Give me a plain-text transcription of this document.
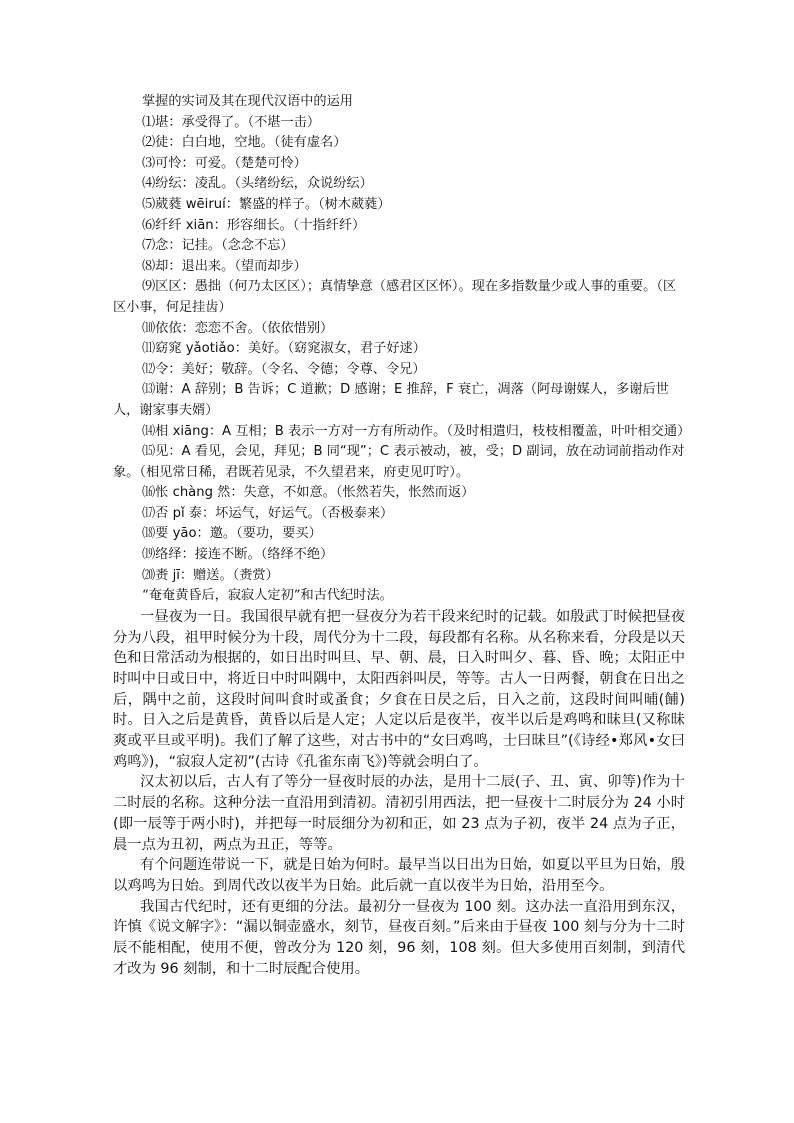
掌握的实词及其在现代汉语中的运用

⑴堪：承受得了。（不堪一击）

⑵徒：白白地，空地。（徒有虚名）

⑶可怜：可爱。（楚楚可怜）

⑷纷纭：凌乱。（头绪纷纭，众说纷纭）

⑸葳蕤 wēiruí：繁盛的样子。（树木葳蕤）

⑹纤纤 xiān：形容细长。（十指纤纤）

⑺念：记挂。（念念不忘）

⑻却：退出来。（望而却步）

⑼区区：愚拙（何乃太区区）；真情挚意（感君区区怀）。现在多指数量少或人事的重要。（区区小事，何足挂齿）

⑽依依：恋恋不舍。（依依惜别）

⑾窈窕 yǎotiǎo：美好。（窈窕淑女，君子好逑）

⑿令：美好；敬辞。（令名、令德；令尊、令兄）

⒀谢：A 辞别；B 告诉；C 道歉；D 感谢；E 推辞，F 衰亡，凋落（阿母谢媒人，多谢后世人，谢家事夫婿）

⒁相 xiāng：A 互相；B 表示一方对一方有所动作。（及时相遣归，枝枝相覆盖，叶叶相交通）

⒂见：A 看见，会见，拜见；B 同“现”；C 表示被动，被，受；D 副词，放在动词前指动作对象。（相见常日稀，君既若见录，不久望君来，府吏见叮咛）。

⒃怅 chàng 然：失意，不如意。（怅然若失，怅然而返）

⒄否 pǐ 泰：坏运气，好运气。（否极泰来）

⒅要 yāo：邀。（要功，要买）

⒆络绎：接连不断。（络绎不绝）

⒇赉 jī：赠送。（赉赏）

“奄奄黄昏后，寂寂人定初”和古代纪时法。

一昼夜为一日。我国很早就有把一昼夜分为若干段来纪时的记载。如殷武丁时候把昼夜分为八段，祖甲时候分为十段，周代分为十二段，每段都有名称。从名称来看，分段是以天色和日常活动为根据的，如日出时叫旦、早、朝、晨，日入时叫夕、暮、昏、晚；太阳正中时叫中日或日中，将近日中时叫隅中，太阳西斜叫昃，等等。古人一日两餐，朝食在日出之后，隅中之前，这段时间叫食时或蚤食；夕食在日昃之后，日入之前，这段时间叫晡(餔)时。日入之后是黄昏，黄昏以后是人定；人定以后是夜半，夜半以后是鸡鸣和昧旦(又称昧爽或平旦或平明)。我们了解了这些，对古书中的“女曰鸡鸣，士曰昧旦”(《诗经•郑风•女曰鸡鸣》)，“寂寂人定初”(古诗《孔雀东南飞》)等就会明白了。

汉太初以后，古人有了等分一昼夜时辰的办法，是用十二辰(子、丑、寅、卯等)作为十二时辰的名称。这种分法一直沿用到清初。清初引用西法，把一昼夜十二时辰分为 24 小时(即一辰等于两小时)，并把每一时辰细分为初和正，如 23 点为子初，夜半 24 点为子正，晨一点为丑初，两点为丑正，等等。

有个问题连带说一下，就是日始为何时。最早当以日出为日始，如夏以平旦为日始，殷以鸡鸣为日始。到周代改以夜半为日始。此后就一直以夜半为日始，沿用至今。

我国古代纪时，还有更细的分法。最初分一昼夜为 100 刻。这办法一直沿用到东汉，许慎《说文解字》：“漏以铜壶盛水，刻节，昼夜百刻。”后来由于昼夜 100 刻与分为十二时辰不能相配，使用不便，曾改分为 120 刻，96 刻，108 刻。但大多使用百刻制，到清代才改为 96 刻制，和十二时辰配合使用。
